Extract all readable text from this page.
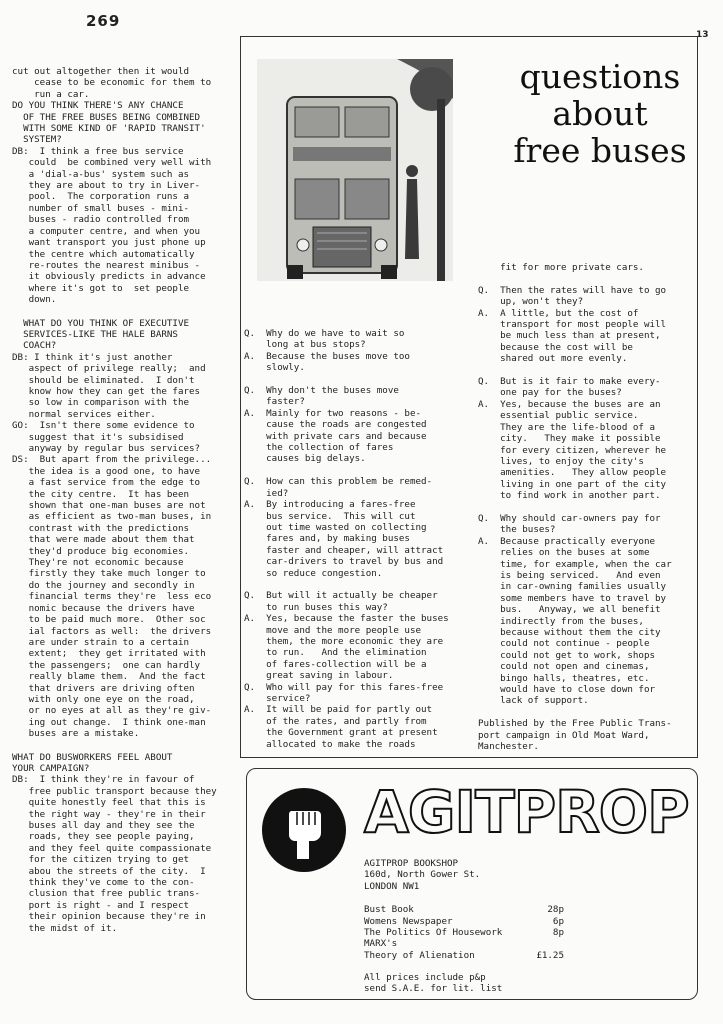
269
13
cut out altogether then it would
cease to be economic for them to
run a car.
DO YOU THINK THERE'S ANY CHANCE
OF THE FREE BUSES BEING COMBINED
WITH SOME KIND OF 'RAPID TRANSIT'
SYSTEM?
DB:  I think a free bus service
could  be combined very well with
a 'dial-a-bus' system such as
they are about to try in Liver-
pool.  The corporation runs a
number of small buses - mini-
buses - radio controlled from
a computer centre, and when you
want transport you just phone up
the centre which automatically
re-routes the nearest minibus -
it obviously predicts in advance
where it's got to  set people
down.
WHAT DO YOU THINK OF EXECUTIVE
SERVICES-LIKE THE HALE BARNS
COACH?
DB: I think it's just another
aspect of privilege really;  and
should be eliminated.  I don't
know how they can get the fares
so low in comparison with the
normal services either.
GO:  Isn't there some evidence to
suggest that it's subsidised
anyway by regular bus services?
DS:  But apart from the privilege...
the idea is a good one, to have
a fast service from the edge to
the city centre.  It has been
shown that one-man buses are not
as efficient as two-man buses, in
contrast with the predictions
that were made about them that
they'd produce big economies.
They're not economic because
firstly they take much longer to
do the journey and secondly in
financial terms they're  less eco
nomic because the drivers have
to be paid much more.  Other soc
ial factors as well:  the drivers
are under strain to a certain
extent;  they get irritated with
the passengers;  one can hardly
really blame them.  And the fact
that drivers are driving often
with only one eye on the road,
or no eyes at all as they're giv-
ing out change.  I think one-man
buses are a mistake.
WHAT DO BUSWORKERS FEEL ABOUT
YOUR CAMPAIGN?
DB:  I think they're in favour of
free public transport because they
quite honestly feel that this is
the right way - they're in their
buses all day and they see the
roads, they see people paying,
and they feel quite compassionate
for the citizen trying to get
abou the streets of the city.  I
think they've come to the con-
clusion that free public trans-
port is right - and I respect
their opinion because they're in
the midst of it.
questions
about
free buses
Q.  Why do we have to wait so
long at bus stops?
A.  Because the buses move too
slowly.

Q.  Why don't the buses move
faster?
A.  Mainly for two reasons - be-
cause the roads are congested
with private cars and because
the collection of fares
causes big delays.

Q.  How can this problem be remed-
ied?
A.  By introducing a fares-free
bus service.  This will cut
out time wasted on collecting
fares and, by making buses
faster and cheaper, will attract
car-drivers to travel by bus and
so reduce congestion.

Q.  But will it actually be cheaper
to run buses this way?
A.  Yes, because the faster the buses
move and the more people use
them, the more economic they are
to run.   And the elimination
of fares-collection will be a
great saving in labour.
Q.  Who will pay for this fares-free
service?
A.  It will be paid for partly out
of the rates, and partly from
the Government grant at present
allocated to make the roads
fit for more private cars.

Q.  Then the rates will have to go
up, won't they?
A.  A little, but the cost of
transport for most people will
be much less than at present,
because the cost will be
shared out more evenly.

Q.  But is it fair to make every-
one pay for the buses?
A.  Yes, because the buses are an
essential public service.
They are the life-blood of a
city.   They make it possible
for every citizen, wherever he
lives, to enjoy the city's
amenities.   They allow people
living in one part of the city
to find work in another part.

Q.  Why should car-owners pay for
the buses?
A.  Because practically everyone
relies on the buses at some
time, for example, when the car
is being serviced.   And even
in car-owning families usually
some members have to travel by
bus.   Anyway, we all benefit
indirectly from the buses,
because without them the city
could not continue - people
could not get to work, shops
could not open and cinemas,
bingo halls, theatres, etc.
would have to close down for
lack of support.

Published by the Free Public Trans-
port campaign in Old Moat Ward,
Manchester.
AGITPROP
AGITPROP BOOKSHOP
160d, North Gower St.
LONDON NW1
Bust Book	28p
Womens Newspaper	6p
The Politics Of Housework	8p
MARX's
Theory of Alienation	£1.25
All prices include p&p
send S.A.E. for lit. list
